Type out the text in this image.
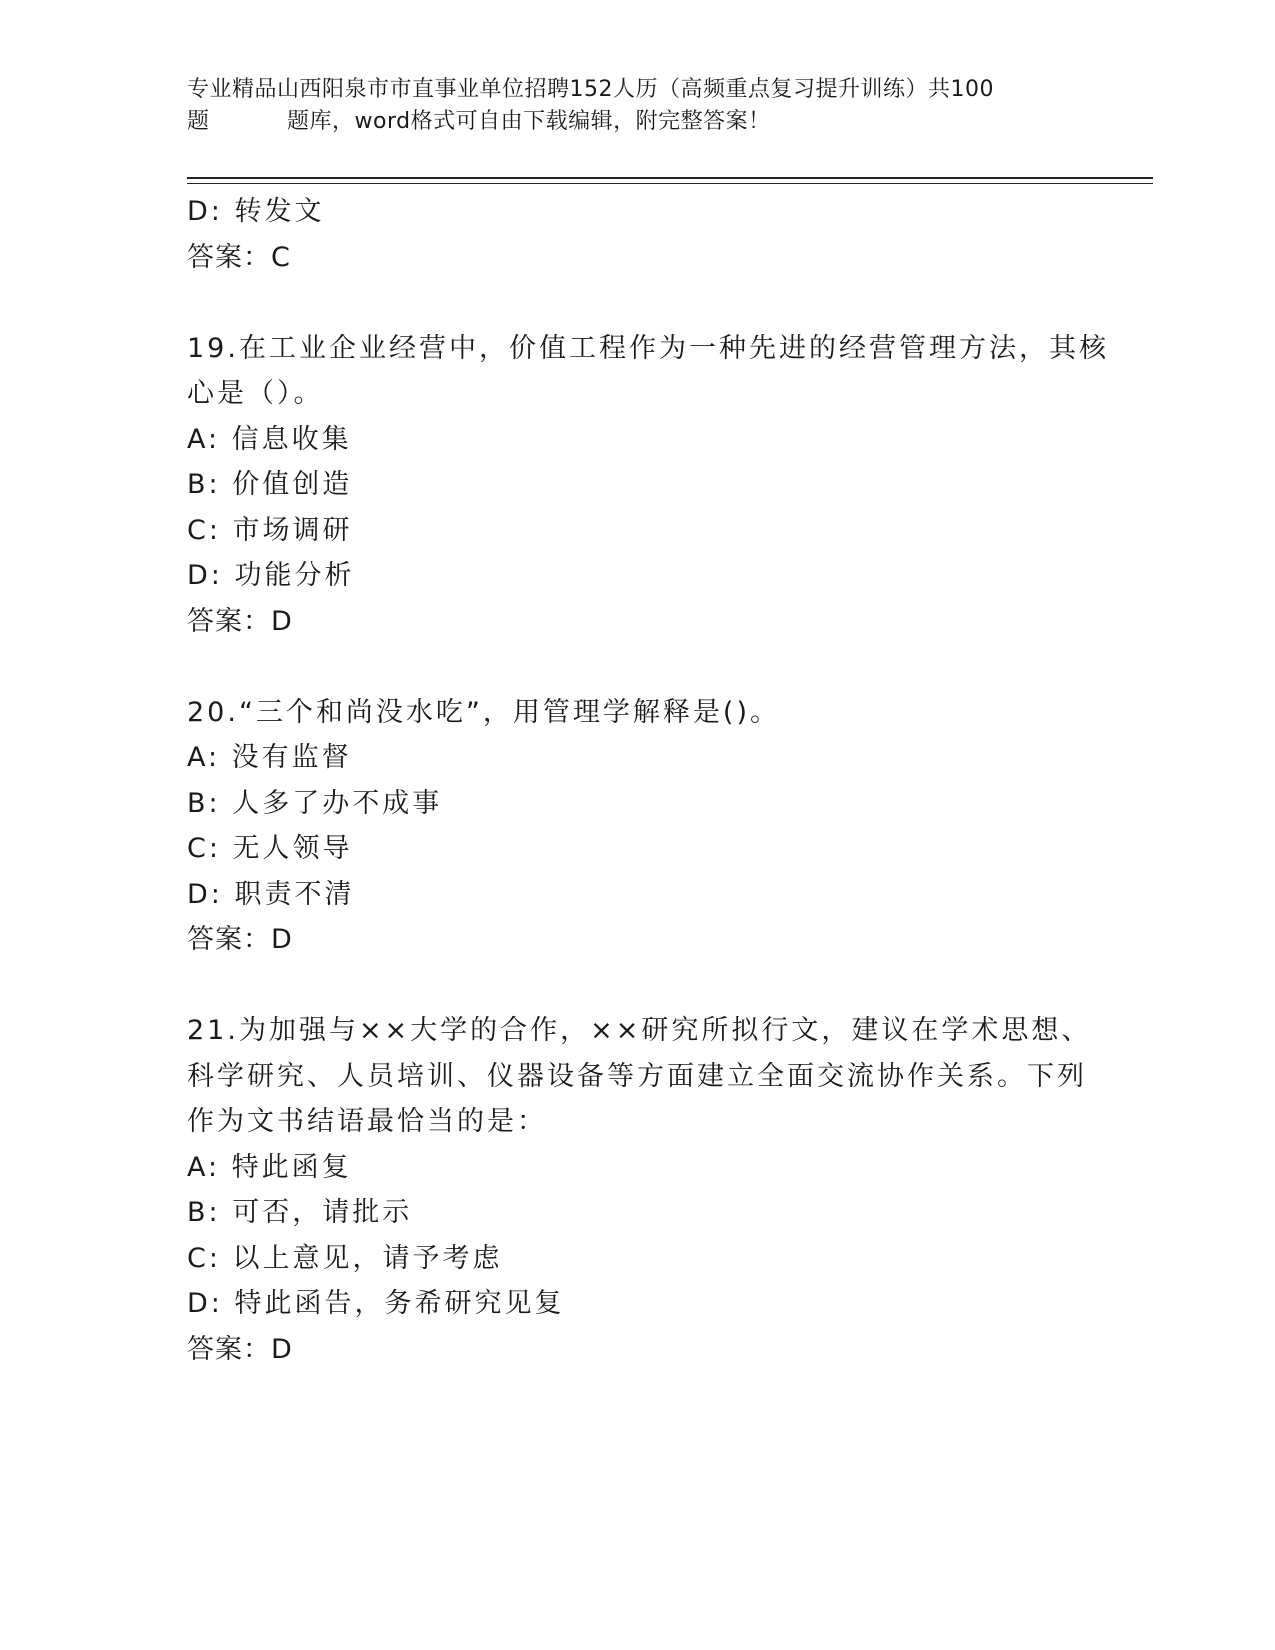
专业精品山西阳泉市市直事业单位招聘152人历（高频重点复习提升训练）共100
题	题库，word格式可自由下载编辑，附完整答案！
D: 转发文
答案：C
19.在工业企业经营中，价值工程作为一种先进的经营管理方法，其核
心是（）。
A: 信息收集
B: 价值创造
C: 市场调研
D: 功能分析
答案：D
20.“三个和尚没水吃”，用管理学解释是()。
A: 没有监督
B: 人多了办不成事
C: 无人领导
D: 职责不清
答案：D
21.为加强与××大学的合作，××研究所拟行文，建议在学术思想、
科学研究、人员培训、仪器设备等方面建立全面交流协作关系。下列
作为文书结语最恰当的是：
A: 特此函复
B: 可否，请批示
C: 以上意见，请予考虑
D: 特此函告，务希研究见复
答案：D
